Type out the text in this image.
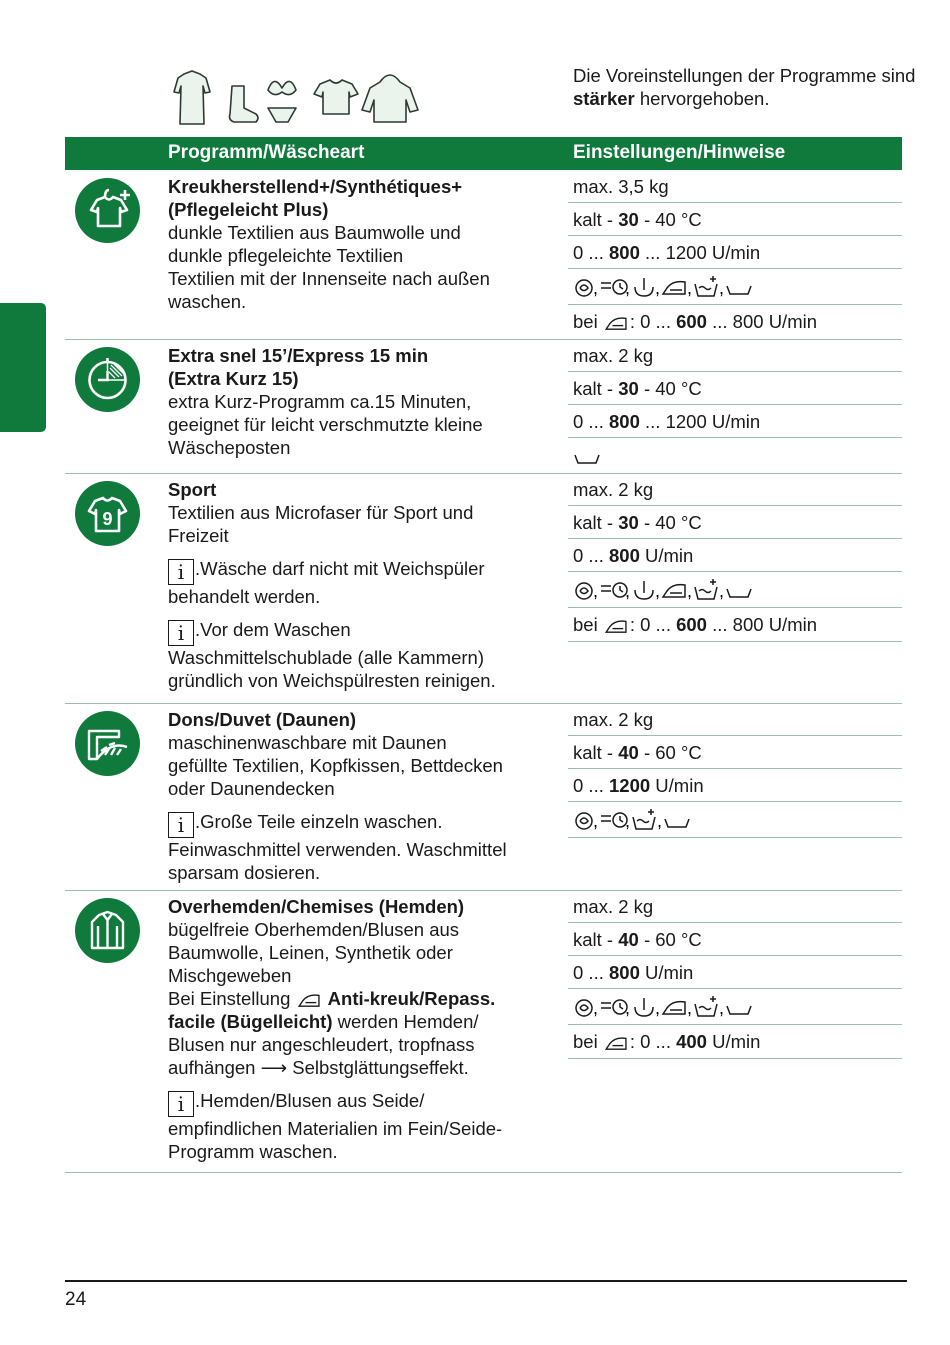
Die Voreinstellungen der Programme sind stärker hervorgehoben.
Programm/Wäscheart	Einstellungen/Hinweise
Kreukherstellend+/Synthétiques+
(Pflegeleicht Plus)
dunkle Textilien aus Baumwolle und
dunkle pflegeleichte Textilien
Textilien mit der Innenseite nach außen
waschen.
max. 3,5 kg
kalt - 30 - 40 °C
0 ... 800 ... 1200 U/min
, , , , ,
bei : 0 ... 600 ... 800 U/min
Extra snel 15’/Express 15 min
(Extra Kurz 15)
extra Kurz-Programm ca.15 Minuten,
geeignet für leicht verschmutzte kleine
Wäscheposten
max. 2 kg
kalt - 30 - 40 °C
0 ... 800 ... 1200 U/min
9
Sport
Textilien aus Microfaser für Sport und
Freizeit
i .Wäsche darf nicht mit Weichspüler
behandelt werden.
i .Vor dem Waschen
Waschmittelschublade (alle Kammern)
gründlich von Weichspülresten reinigen.
max. 2 kg
kalt - 30 - 40 °C
0 ... 800 U/min
, , , , ,
bei : 0 ... 600 ... 800 U/min
Dons/Duvet (Daunen)
maschinenwaschbare mit Daunen
gefüllte Textilien, Kopfkissen, Bettdecken
oder Daunendecken
i .Große Teile einzeln waschen.
Feinwaschmittel verwenden. Waschmittel
sparsam dosieren.
max. 2 kg
kalt - 40 - 60 °C
0 ... 1200 U/min
, , ,
Overhemden/Chemises (Hemden)
bügelfreie Oberhemden/Blusen aus
Baumwolle, Leinen, Synthetik oder
Mischgeweben
Bei Einstellung  Anti-kreuk/Repass.
facile (Bügelleicht) werden Hemden/
Blusen nur angeschleudert, tropfnass
aufhängen ⟶ Selbstglättungseffekt.
i .Hemden/Blusen aus Seide/
empfindlichen Materialien im Fein/Seide-
Programm waschen.
max. 2 kg
kalt - 40 - 60 °C
0 ... 800 U/min
, , , , ,
bei : 0 ... 400 U/min
24
